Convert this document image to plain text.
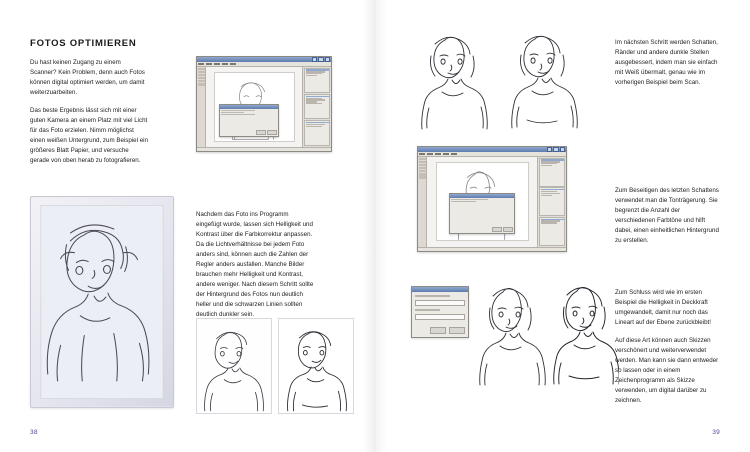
FOTOS OPTIMIEREN

Du hast keinen Zugang zu einem Scanner? Kein Problem, denn auch Fotos können digital optimiert werden, um damit weiterzuarbeiten.

Das beste Ergebnis lässt sich mit einer guten Kamera an einem Platz mit viel Licht für das Foto erzielen. Nimm möglichst einen weißen Untergrund, zum Beispiel ein größeres Blatt Papier, und versuche gerade von oben herab zu fotografieren.

Nachdem das Foto ins Programm eingefügt wurde, lassen sich Helligkeit und Kontrast über die Farbkorrektur anpassen. Da die Lichtverhältnisse bei jedem Foto anders sind, können auch die Zahlen der Regler anders ausfallen. Manche Bilder brauchen mehr Helligkeit und Kontrast, andere weniger. Nach diesem Schritt sollte der Hintergrund des Fotos nun deutlich heller und die schwarzen Linien sollten deutlich dunkler sein.

38

Im nächsten Schritt werden Schatten, Ränder und andere dunkle Stellen ausgebessert, indem man sie einfach mit Weiß übermalt, genau wie im vorherigen Beispiel beim Scan.

Zum Beseitigen des letzten Schattens verwendet man die Tonträgerung. Sie begrenzt die Anzahl der verschiedenen Farbtöne und hilft dabei, einen einheitlichen Hintergrund zu erstellen.

Zum Schluss wird wie im ersten Beispiel die Helligkeit in Deckkraft umgewandelt, damit nur noch das Lineart auf der Ebene zurückbleibt!

Auf diese Art können auch Skizzen verschönert und weiterverwendet werden. Man kann sie dann entweder so lassen oder in einem Zeichenprogramm als Skizze verwenden, um digital darüber zu zeichnen.

39
